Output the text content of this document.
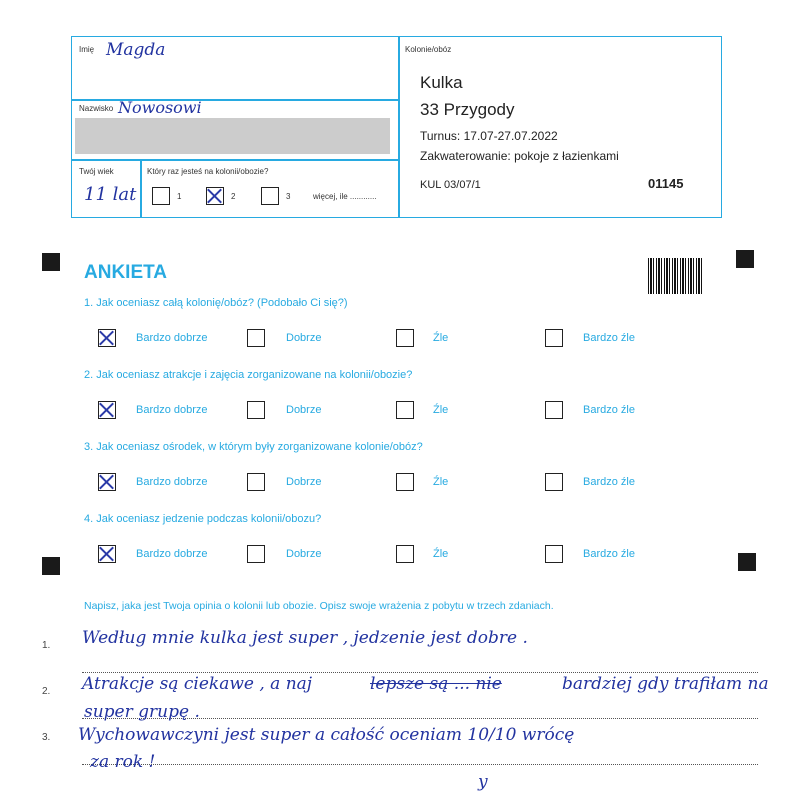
Imię Magda
Nazwisko Nowosowi
Twój wiek
11 lat
Który raz jesteś na kolonii/obozie?
1	2	3	więcej, ile ............
Kolonie/obóz
Kulka
33 Przygody
Turnus: 17.07-27.07.2022
Zakwaterowanie: pokoje z łazienkami
KUL 03/07/1	01145
ANKIETA
1. Jak oceniasz całą kolonię/obóz? (Podobało Ci się?)
Bardzo dobrze	Dobrze	Źle	Bardzo źle
2. Jak oceniasz atrakcje i zajęcia zorganizowane na kolonii/obozie?
Bardzo dobrze	Dobrze	Źle	Bardzo źle
3. Jak oceniasz ośrodek, w którym były zorganizowane kolonie/obóz?
Bardzo dobrze	Dobrze	Źle	Bardzo źle
4. Jak oceniasz jedzenie podczas kolonii/obozu?
Bardzo dobrze	Dobrze	Źle	Bardzo źle
Napisz, jaka jest Twoja opinia o kolonii lub obozie. Opisz swoje wrażenia z pobytu w trzech zdaniach.
1.
2.
3.
Według mnie kulka jest super , jedzenie jest dobre .
Atrakcje są ciekawe , a naj	lepsze są ... nie	bardziej gdy trafiłam na
super grupę .
Wychowawczyni jest super a całość oceniam 10/10 wrócę
za rok !
y
